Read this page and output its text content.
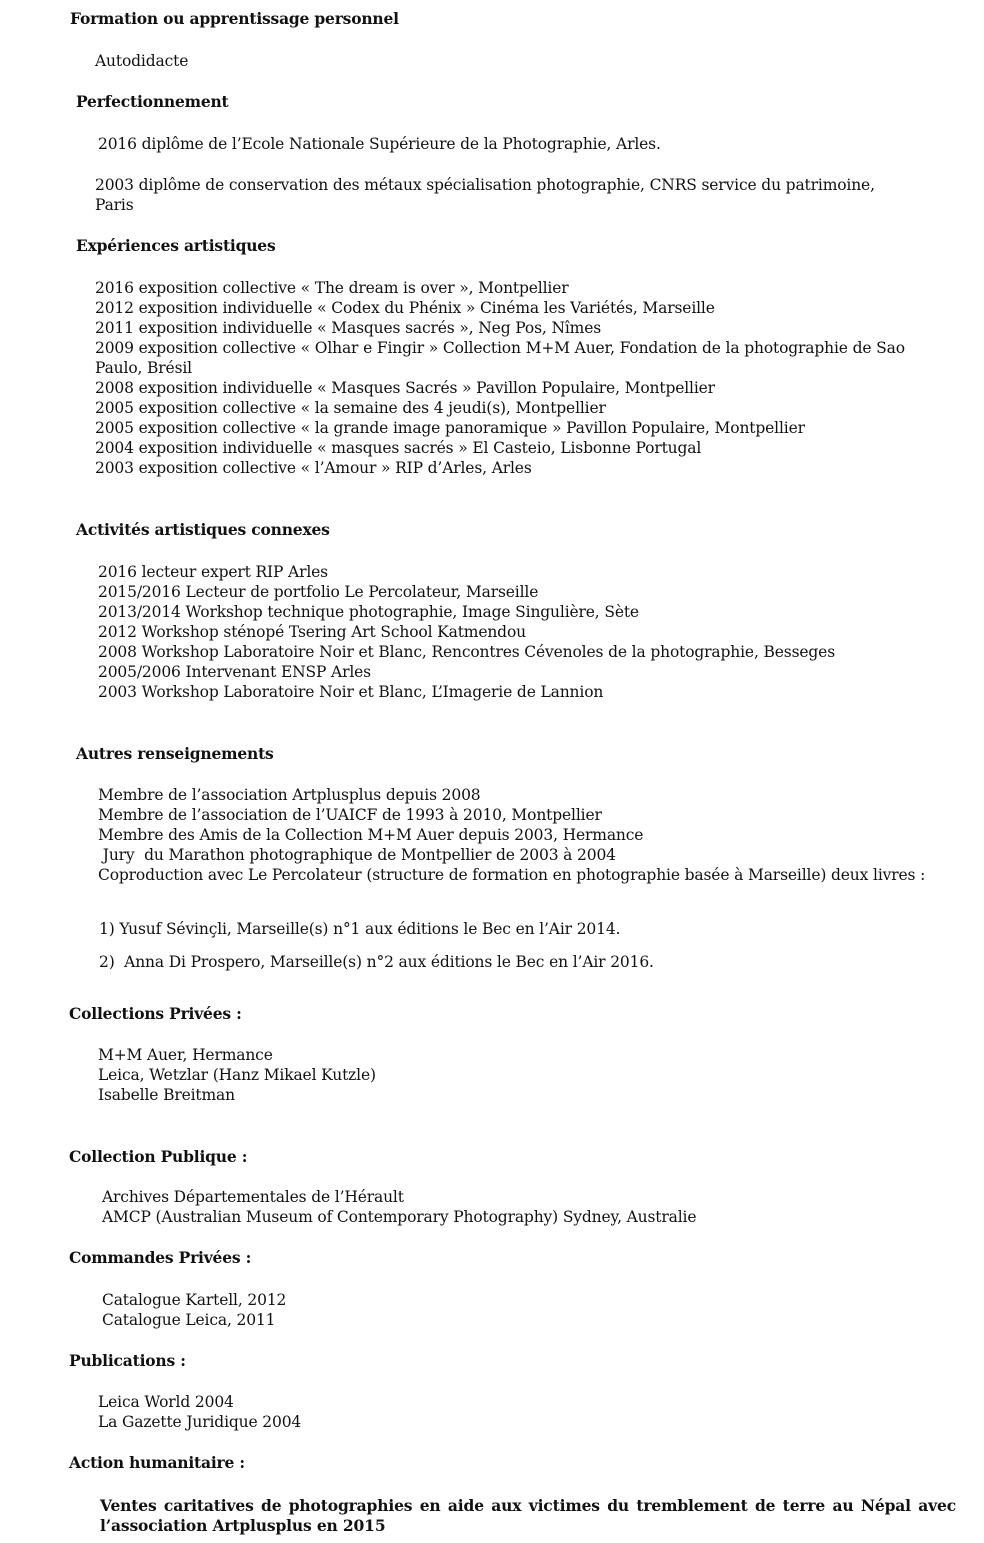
Formation ou apprentissage personnel
Autodidacte
Perfectionnement
2016 diplôme de l’Ecole Nationale Supérieure de la Photographie, Arles.
2003 diplôme de conservation des métaux spécialisation photographie, CNRS service du patrimoine,
Paris
Expériences artistiques
2016 exposition collective « The dream is over », Montpellier
2012 exposition individuelle « Codex du Phénix » Cinéma les Variétés, Marseille
2011 exposition individuelle « Masques sacrés », Neg Pos, Nîmes
2009 exposition collective « Olhar e Fingir » Collection M+M Auer, Fondation de la photographie de Sao
Paulo, Brésil
2008 exposition individuelle « Masques Sacrés » Pavillon Populaire, Montpellier
2005 exposition collective « la semaine des 4 jeudi(s), Montpellier
2005 exposition collective « la grande image panoramique » Pavillon Populaire, Montpellier
2004 exposition individuelle « masques sacrés » El Casteio, Lisbonne Portugal
2003 exposition collective « l’Amour » RIP d’Arles, Arles
Activités artistiques connexes
2016 lecteur expert RIP Arles
2015/2016 Lecteur de portfolio Le Percolateur, Marseille
2013/2014 Workshop technique photographie, Image Singulière, Sète
2012 Workshop sténopé Tsering Art School Katmendou
2008 Workshop Laboratoire Noir et Blanc, Rencontres Cévenoles de la photographie, Besseges
2005/2006 Intervenant ENSP Arles
2003 Workshop Laboratoire Noir et Blanc, L’Imagerie de Lannion
Autres renseignements
Membre de l’association Artplusplus depuis 2008
Membre de l’association de l’UAICF de 1993 à 2010, Montpellier
Membre des Amis de la Collection M+M Auer depuis 2003, Hermance
Jury  du Marathon photographique de Montpellier de 2003 à 2004
Coproduction avec Le Percolateur (structure de formation en photographie basée à Marseille) deux livres :
1) Yusuf Sévinçli, Marseille(s) n°1 aux éditions le Bec en l’Air 2014.
2)  Anna Di Prospero, Marseille(s) n°2 aux éditions le Bec en l’Air 2016.
Collections Privées :
M+M Auer, Hermance
Leica, Wetzlar (Hanz Mikael Kutzle)
Isabelle Breitman
Collection Publique :
Archives Départementales de l’Hérault
AMCP (Australian Museum of Contemporary Photography) Sydney, Australie
Commandes Privées :
Catalogue Kartell, 2012
Catalogue Leica, 2011
Publications :
Leica World 2004
La Gazette Juridique 2004
Action humanitaire :
Ventes caritatives de photographies en aide aux victimes du tremblement de terre au Népal avec l’association Artplusplus en 2015
